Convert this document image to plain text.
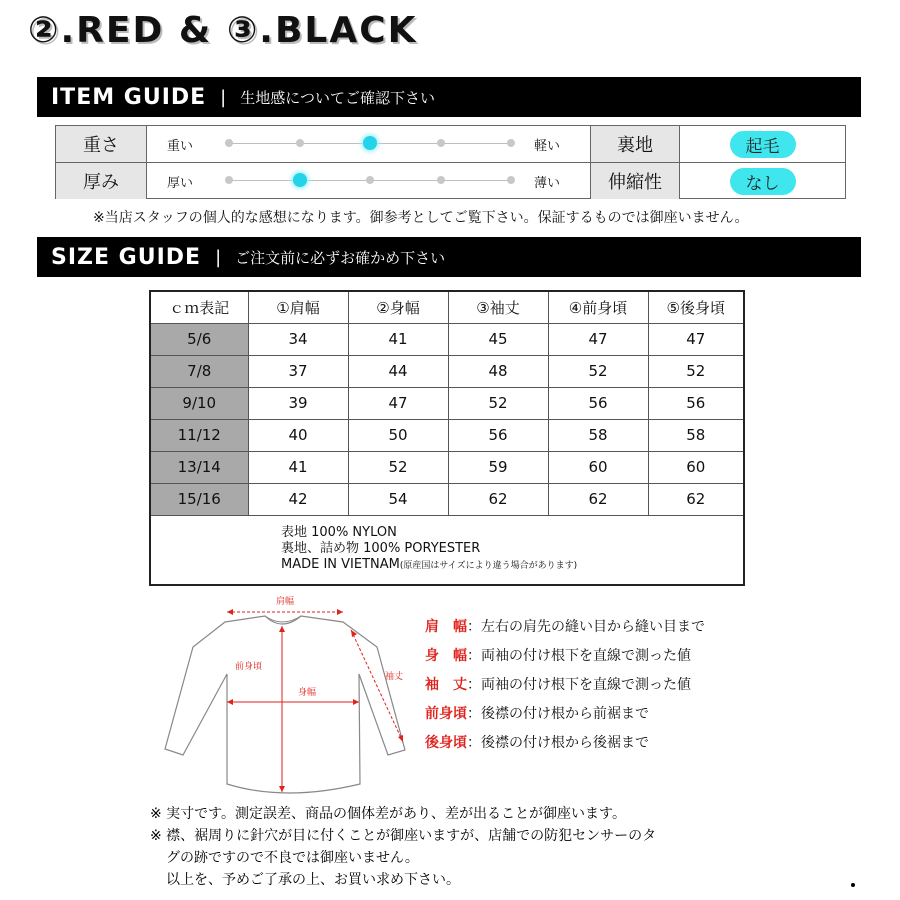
②.RED & ③.BLACK
ITEM GUIDE | 生地感についてご確認下さい
重さ	重い	軽い	裏地	起毛
厚み	厚い	薄い	伸縮性	なし
※当店スタッフの個人的な感想になります。御参考としてご覧下さい。保証するものでは御座いません。
SIZE GUIDE | ご注文前に必ずお確かめ下さい
ｃｍ表記	①肩幅	②身幅	③袖丈	④前身頃	⑤後身頃
5/6	34	41	45	47	47
7/8	37	44	48	52	52
9/10	39	47	52	56	56
11/12	40	50	56	58	58
13/14	41	52	59	60	60
15/16	42	54	62	62	62

表地 100% NYLON
裏地、詰め物 100% PORYESTER
MADE IN VIETNAM(原産国はサイズにより違う場合があります)					
肩幅
身幅
前身頃
袖丈
肩　幅：左右の肩先の縫い目から縫い目まで
身　幅：両袖の付け根下を直線で測った値
袖　丈：両袖の付け根下を直線で測った値
前身頃：後襟の付け根から前裾まで
後身頃：後襟の付け根から後裾まで
※ 実寸です。測定誤差、商品の個体差があり、差が出ることが御座います。
※ 襟、裾周りに針穴が目に付くことが御座いますが、店舗での防犯センサーのタ
グの跡ですので不良では御座いません。
以上を、予めご了承の上、お買い求め下さい。
